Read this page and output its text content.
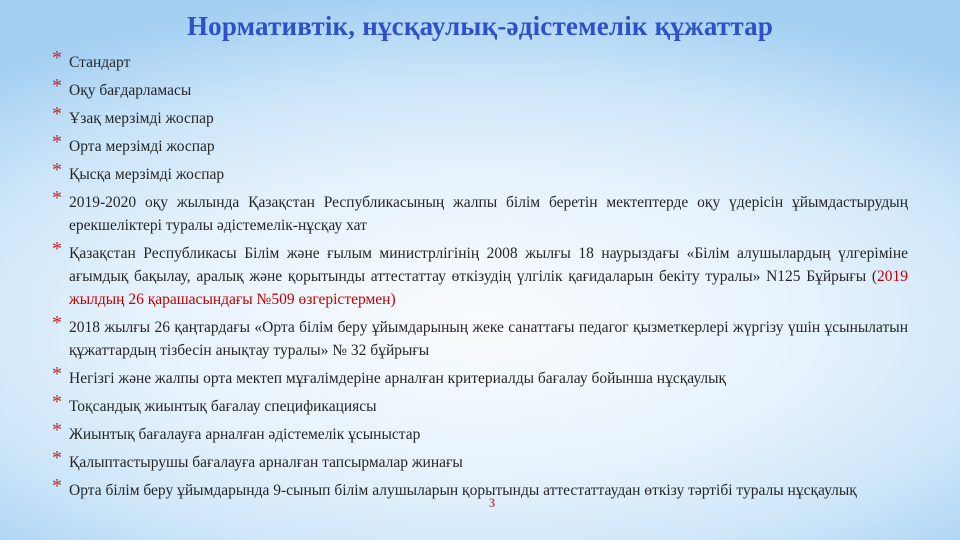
Нормативтік, нұсқаулық-әдістемелік құжаттар
* Стандарт
* Оқу бағдарламасы
* Ұзақ мерзімді жоспар
* Орта мерзімді жоспар
* Қысқа мерзімді жоспар
* 2019-2020 оқу жылында Қазақстан Республикасының жалпы білім беретін мектептерде оқу үдерісін ұйымдастырудың ерекшеліктері туралы әдістемелік-нұсқау хат
* Қазақстан Республикасы Білім және ғылым министрлігінің 2008 жылғы 18 наурыздағы «Білім алушылардың үлгеріміне ағымдық бақылау, аралық және қорытынды аттестаттау өткізудің үлгілік қағидаларын бекіту туралы» N125 Бұйрығы (2019 жылдың 26 қарашасындағы №509 өзгерістермен)
* 2018 жылғы 26 қаңтардағы «Орта білім беру ұйымдарының жеке санаттағы педагог қызметкерлері жүргізу үшін ұсынылатын құжаттардың тізбесін анықтау туралы» № 32 бұйрығы
* Негізгі және жалпы орта мектеп мұғалімдеріне арналған критериалды бағалау бойынша нұсқаулық
* Тоқсандық жиынтық бағалау спецификациясы
* Жиынтық бағалауға арналған әдістемелік ұсыныстар
* Қалыптастырушы бағалауға арналған тапсырмалар жинағы
* Орта білім беру ұйымдарында 9-сынып білім алушыларын қорытынды аттестаттаудан өткізу тәртібі туралы нұсқаулық
3
